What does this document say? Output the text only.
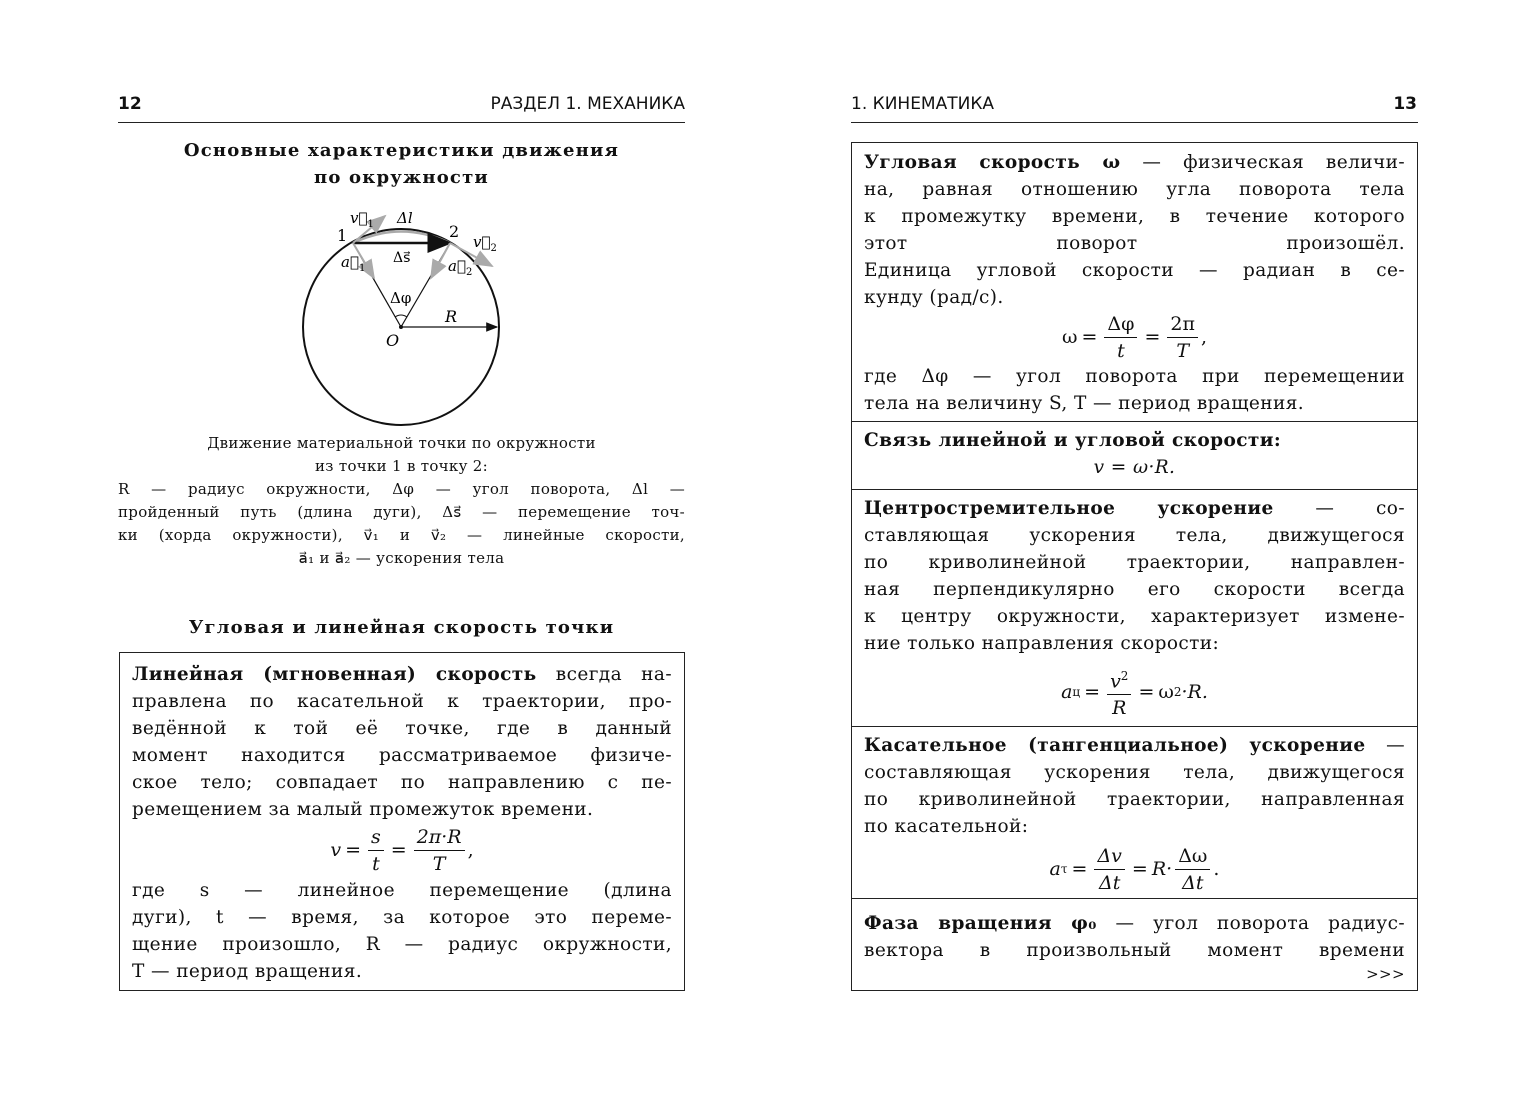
12	РАЗДЕЛ 1. МЕХАНИКА
Основные характеристики движения
по окружности
1	2
$v⃗_1$
$v⃗_2$
Δl
Δs⃗
$a⃗_1$	$a⃗_2$
Δφ
R
O
Движение материальной точки по окружности
из точки 1 в точку 2:
R — радиус окружности, Δφ — угол поворота, Δl —
пройденный путь (длина дуги), Δs⃗ — перемещение точ-
ки (хорда окружности), v⃗₁ и v⃗₂ — линейные скорости,
a⃗₁ и a⃗₂ — ускорения тела
Угловая и линейная скорость точки
Линейная (мгновенная) скорость всегда на-
правлена по касательной к траектории, про-
ведённой к той её точке, где в данный
момент находится рассматриваемое физиче-
ское тело; совпадает по направлению с пе-
ремещением за малый промежуток времени.
$v = \frac{s}{t} = \frac{2\pi\cdot R}{T}$ ,
где s — линейное перемещение (длина
дуги), t — время, за которое это переме-
щение произошло, R — радиус окружности,
T — период вращения.
1. КИНЕМАТИКА	13
Угловая скорость ω — физическая величи-
на, равная отношению угла поворота тела
к промежутку времени, в течение которого
этот поворот произошёл.
Единица угловой скорости — радиан в се-
кунду (рад/с).
$\omega = \frac{\Delta\varphi}{t} = \frac{2\pi}{T}$ ,
где Δφ — угол поворота при перемещении
тела на величину S, T — период вращения.
Связь линейной и угловой скорости:
v = ω·R.
Центростремительное ускорение — со-
ставляющая ускорения тела, движущегося
по криволинейной траектории, направлен-
ная перпендикулярно его скорости всегда
к центру окружности, характеризует измене-
ние только направления скорости:
a $ц = \frac{v^2}{R} = \omega$ 2 ·R.
Касательное (тангенциальное) ускорение —
составляющая ускорения тела, движущегося
по криволинейной траектории, направленная
по касательной:
a $\tau = \frac{\Delta v}{\Delta t} = R\cdot \frac{\Delta\omega}{\Delta t}$ .
Фаза вращения φ₀ — угол поворота радиус-
вектора в произвольный момент времени
>>>
